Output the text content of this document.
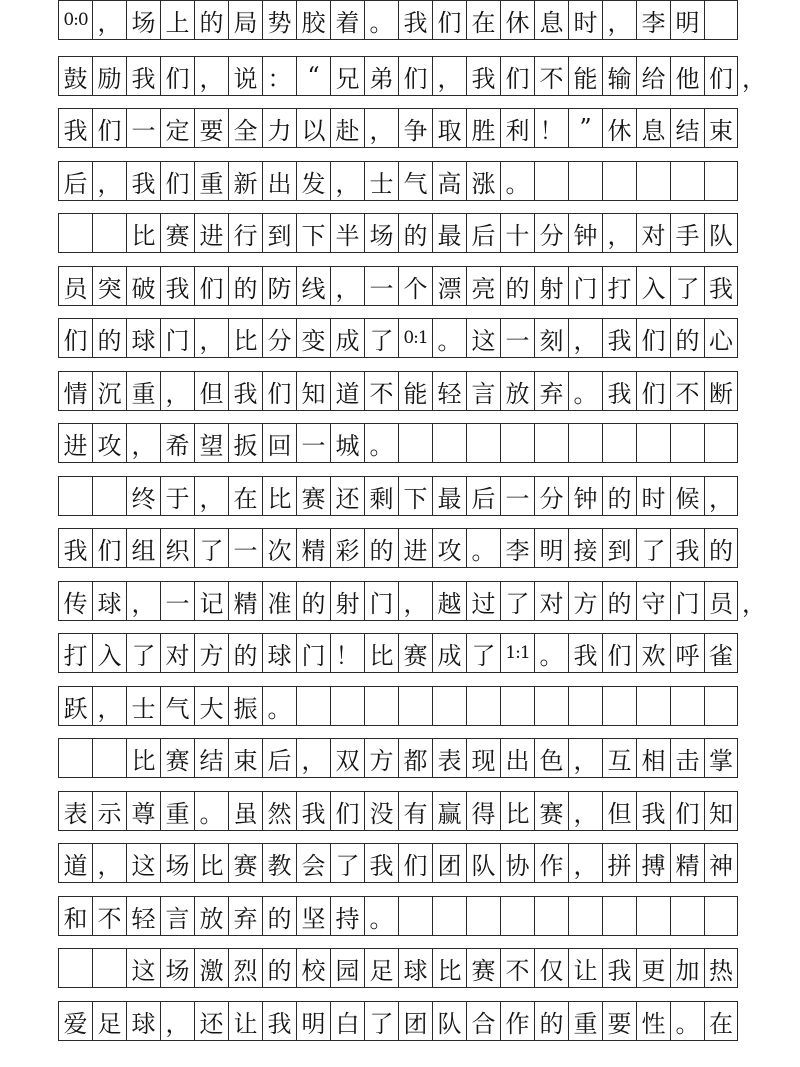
0:0 ， 场 上 的 局 势 胶 着 。 我 们 在 休 息 时 ， 李 明
鼓 励 我 们 ， 说 ： “ 兄 弟 们 ， 我 们 不 能 输 给 他 们 ，
我 们 一 定 要 全 力 以 赴 ， 争 取 胜 利 ！ ” 休 息 结 束
后 ， 我 们 重 新 出 发 ， 士 气 高 涨 。
比 赛 进 行 到 下 半 场 的 最 后 十 分 钟 ， 对 手 队
员 突 破 我 们 的 防 线 ， 一 个 漂 亮 的 射 门 打 入 了 我
们 的 球 门 ， 比 分 变 成 了 0:1 。 这 一 刻 ， 我 们 的 心
情 沉 重 ， 但 我 们 知 道 不 能 轻 言 放 弃 。 我 们 不 断
进 攻 ， 希 望 扳 回 一 城 。
终 于 ， 在 比 赛 还 剩 下 最 后 一 分 钟 的 时 候 ，
我 们 组 织 了 一 次 精 彩 的 进 攻 。 李 明 接 到 了 我 的
传 球 ， 一 记 精 准 的 射 门 ， 越 过 了 对 方 的 守 门 员 ，
打 入 了 对 方 的 球 门 ！ 比 赛 成 了 1:1 。 我 们 欢 呼 雀
跃 ， 士 气 大 振 。
比 赛 结 束 后 ， 双 方 都 表 现 出 色 ， 互 相 击 掌
表 示 尊 重 。 虽 然 我 们 没 有 赢 得 比 赛 ， 但 我 们 知
道 ， 这 场 比 赛 教 会 了 我 们 团 队 协 作 ， 拼 搏 精 神
和 不 轻 言 放 弃 的 坚 持 。
这 场 激 烈 的 校 园 足 球 比 赛 不 仅 让 我 更 加 热
爱 足 球 ， 还 让 我 明 白 了 团 队 合 作 的 重 要 性 。 在
